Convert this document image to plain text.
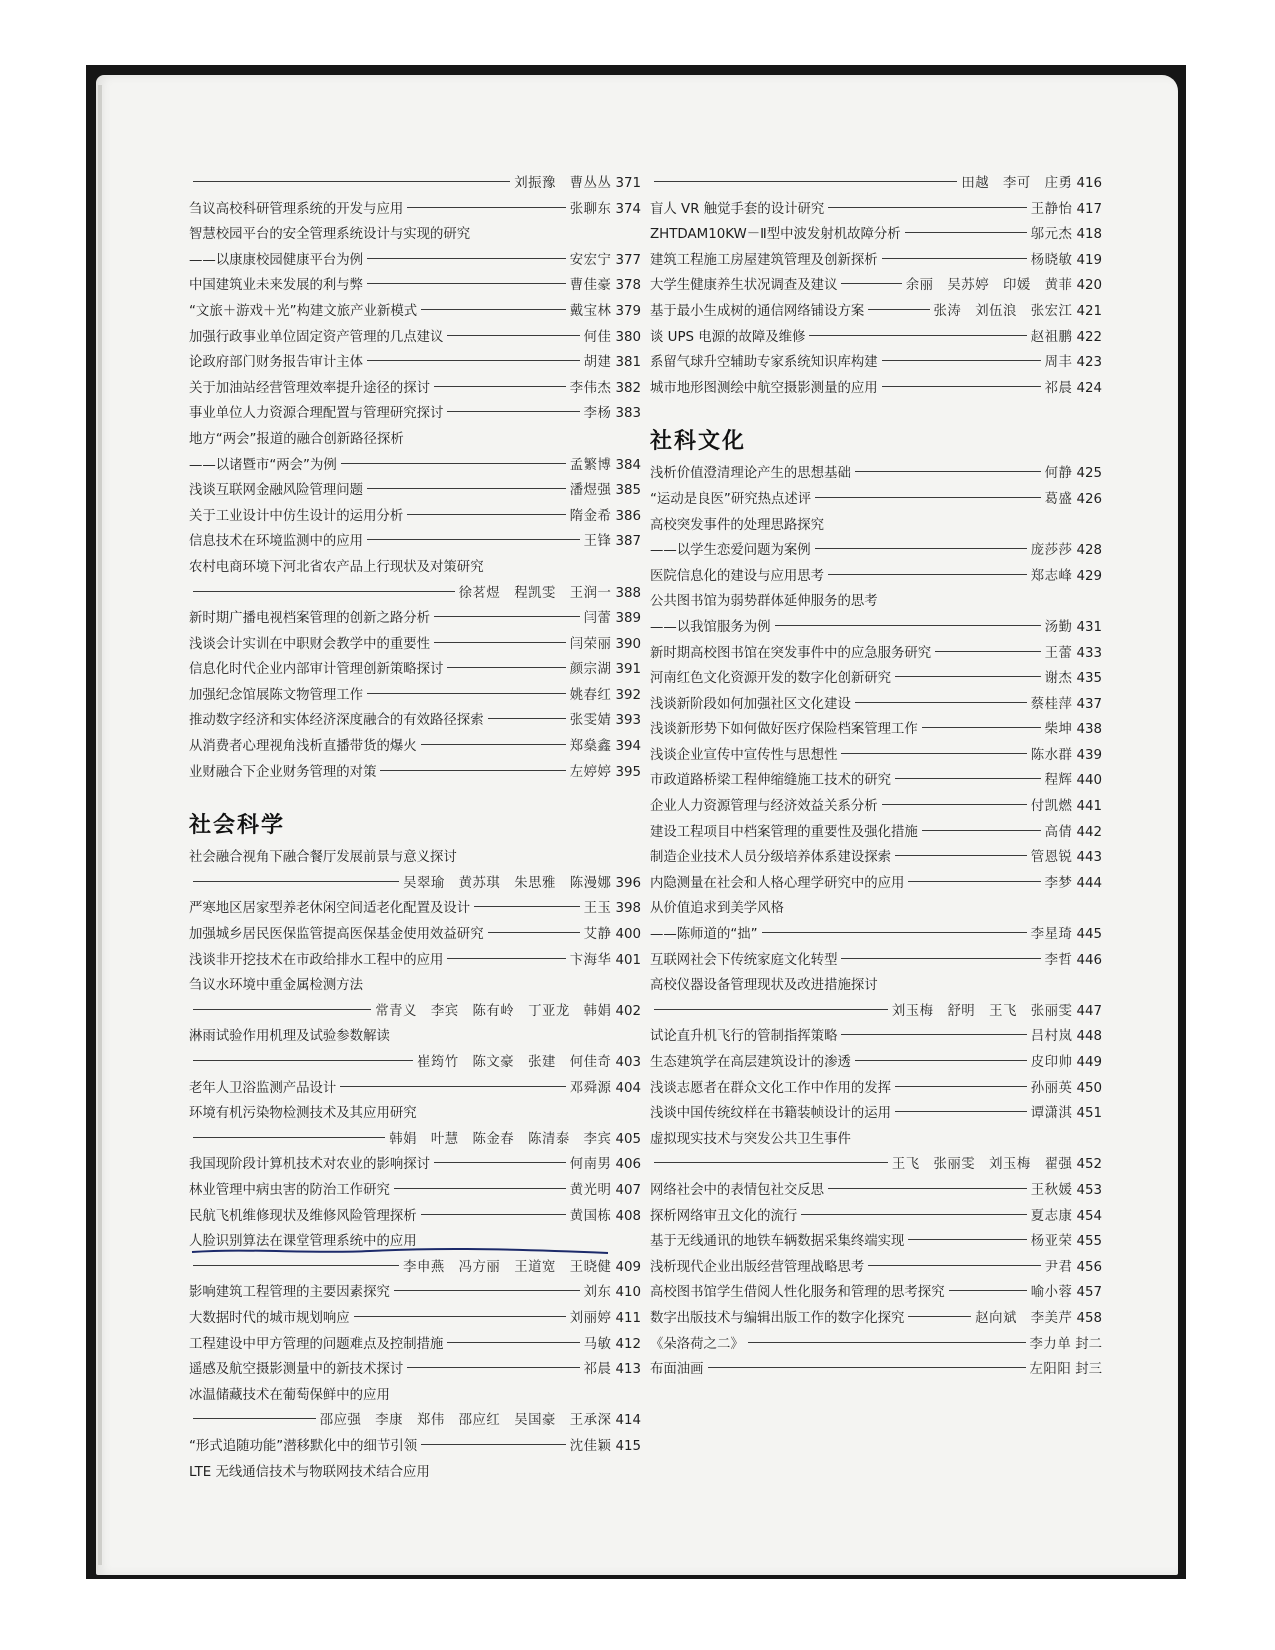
刘振豫　曹丛丛 371
刍议高校科研管理系统的开发与应用	张聊东 374
智慧校园平台的安全管理系统设计与实现的研究
——以康康校园健康平台为例	安宏宁 377
中国建筑业未来发展的利与弊	曹佳豪 378
“文旅＋游戏＋光”构建文旅产业新模式	戴宝林 379
加强行政事业单位固定资产管理的几点建议	何佳 380
论政府部门财务报告审计主体	胡建 381
关于加油站经营管理效率提升途径的探讨	李伟杰 382
事业单位人力资源合理配置与管理研究探讨	李杨 383
地方“两会”报道的融合创新路径探析
——以诸暨市“两会”为例	孟繁博 384
浅谈互联网金融风险管理问题	潘煜强 385
关于工业设计中仿生设计的运用分析	隋金希 386
信息技术在环境监测中的应用	王锋 387
农村电商环境下河北省农产品上行现状及对策研究
徐茗煜　程凯雯　王润一 388
新时期广播电视档案管理的创新之路分析	闫蕾 389
浅谈会计实训在中职财会教学中的重要性	闫荣丽 390
信息化时代企业内部审计管理创新策略探讨	颜宗湖 391
加强纪念馆展陈文物管理工作	姚春红 392
推动数字经济和实体经济深度融合的有效路径探索	张雯婧 393
从消费者心理视角浅析直播带货的爆火	郑燊鑫 394
业财融合下企业财务管理的对策	左婷婷 395
社会科学
社会融合视角下融合餐厅发展前景与意义探讨
吴翠瑜　黄苏琪　朱思雅　陈漫娜 396
严寒地区居家型养老休闲空间适老化配置及设计	王玉 398
加强城乡居民医保监管提高医保基金使用效益研究	艾静 400
浅谈非开挖技术在市政给排水工程中的应用	卞海华 401
刍议水环境中重金属检测方法
常青义　李宾　陈有岭　丁亚龙　韩娟 402
淋雨试验作用机理及试验参数解读
崔筠竹　陈文豪　张建　何佳奇 403
老年人卫浴监测产品设计	邓舜源 404
环境有机污染物检测技术及其应用研究
韩娟　叶慧　陈金春　陈清泰　李宾 405
我国现阶段计算机技术对农业的影响探讨	何南男 406
林业管理中病虫害的防治工作研究	黄光明 407
民航飞机维修现状及维修风险管理探析	黄国栋 408
人脸识别算法在课堂管理系统中的应用
李申燕　冯方丽　王道宽　王晓健 409
影响建筑工程管理的主要因素探究	刘东 410
大数据时代的城市规划响应	刘丽婷 411
工程建设中甲方管理的问题难点及控制措施	马敏 412
遥感及航空摄影测量中的新技术探讨	祁晨 413
冰温储藏技术在葡萄保鲜中的应用
邵应强　李康　郑伟　邵应红　吴国豪　王承深 414
“形式追随功能”潜移默化中的细节引领	沈佳颖 415
LTE 无线通信技术与物联网技术结合应用
田越　李可　庄勇 416
盲人 VR 触觉手套的设计研究	王静怡 417
ZHTDAM10KW－Ⅱ型中波发射机故障分析	邬元杰 418
建筑工程施工房屋建筑管理及创新探析	杨晓敏 419
大学生健康养生状况调查及建议	余丽　吴苏婷　印媛　黄菲 420
基于最小生成树的通信网络铺设方案	张涛　刘伍浪　张宏江 421
谈 UPS 电源的故障及维修	赵祖鹏 422
系留气球升空辅助专家系统知识库构建	周丰 423
城市地形图测绘中航空摄影测量的应用	祁晨 424
社科文化
浅析价值澄清理论产生的思想基础	何静 425
“运动是良医”研究热点述评	葛盛 426
高校突发事件的处理思路探究
——以学生恋爱问题为案例	庞莎莎 428
医院信息化的建设与应用思考	郑志峰 429
公共图书馆为弱势群体延伸服务的思考
——以我馆服务为例	汤勤 431
新时期高校图书馆在突发事件中的应急服务研究	王蕾 433
河南红色文化资源开发的数字化创新研究	谢杰 435
浅谈新阶段如何加强社区文化建设	蔡桂萍 437
浅谈新形势下如何做好医疗保险档案管理工作	柴坤 438
浅谈企业宣传中宣传性与思想性	陈水群 439
市政道路桥梁工程伸缩缝施工技术的研究	程辉 440
企业人力资源管理与经济效益关系分析	付凯燃 441
建设工程项目中档案管理的重要性及强化措施	高倩 442
制造企业技术人员分级培养体系建设探索	管恩锐 443
内隐测量在社会和人格心理学研究中的应用	李梦 444
从价值追求到美学风格
——陈师道的“拙”	李星琦 445
互联网社会下传统家庭文化转型	李哲 446
高校仪器设备管理现状及改进措施探讨
刘玉梅　舒明　王飞　张丽雯 447
试论直升机飞行的管制指挥策略	吕村岚 448
生态建筑学在高层建筑设计的渗透	皮印帅 449
浅谈志愿者在群众文化工作中作用的发挥	孙丽英 450
浅谈中国传统纹样在书籍装帧设计的运用	谭潇淇 451
虚拟现实技术与突发公共卫生事件
王飞　张丽雯　刘玉梅　翟强 452
网络社会中的表情包社交反思	王秋媛 453
探析网络审丑文化的流行	夏志康 454
基于无线通讯的地铁车辆数据采集终端实现	杨亚荣 455
浅析现代企业出版经营管理战略思考	尹君 456
高校图书馆学生借阅人性化服务和管理的思考探究	喻小蓉 457
数字出版技术与编辑出版工作的数字化探究	赵向斌　李美芹 458
《朵洛荷之二》	李力单 封二
布面油画	左阳阳 封三
